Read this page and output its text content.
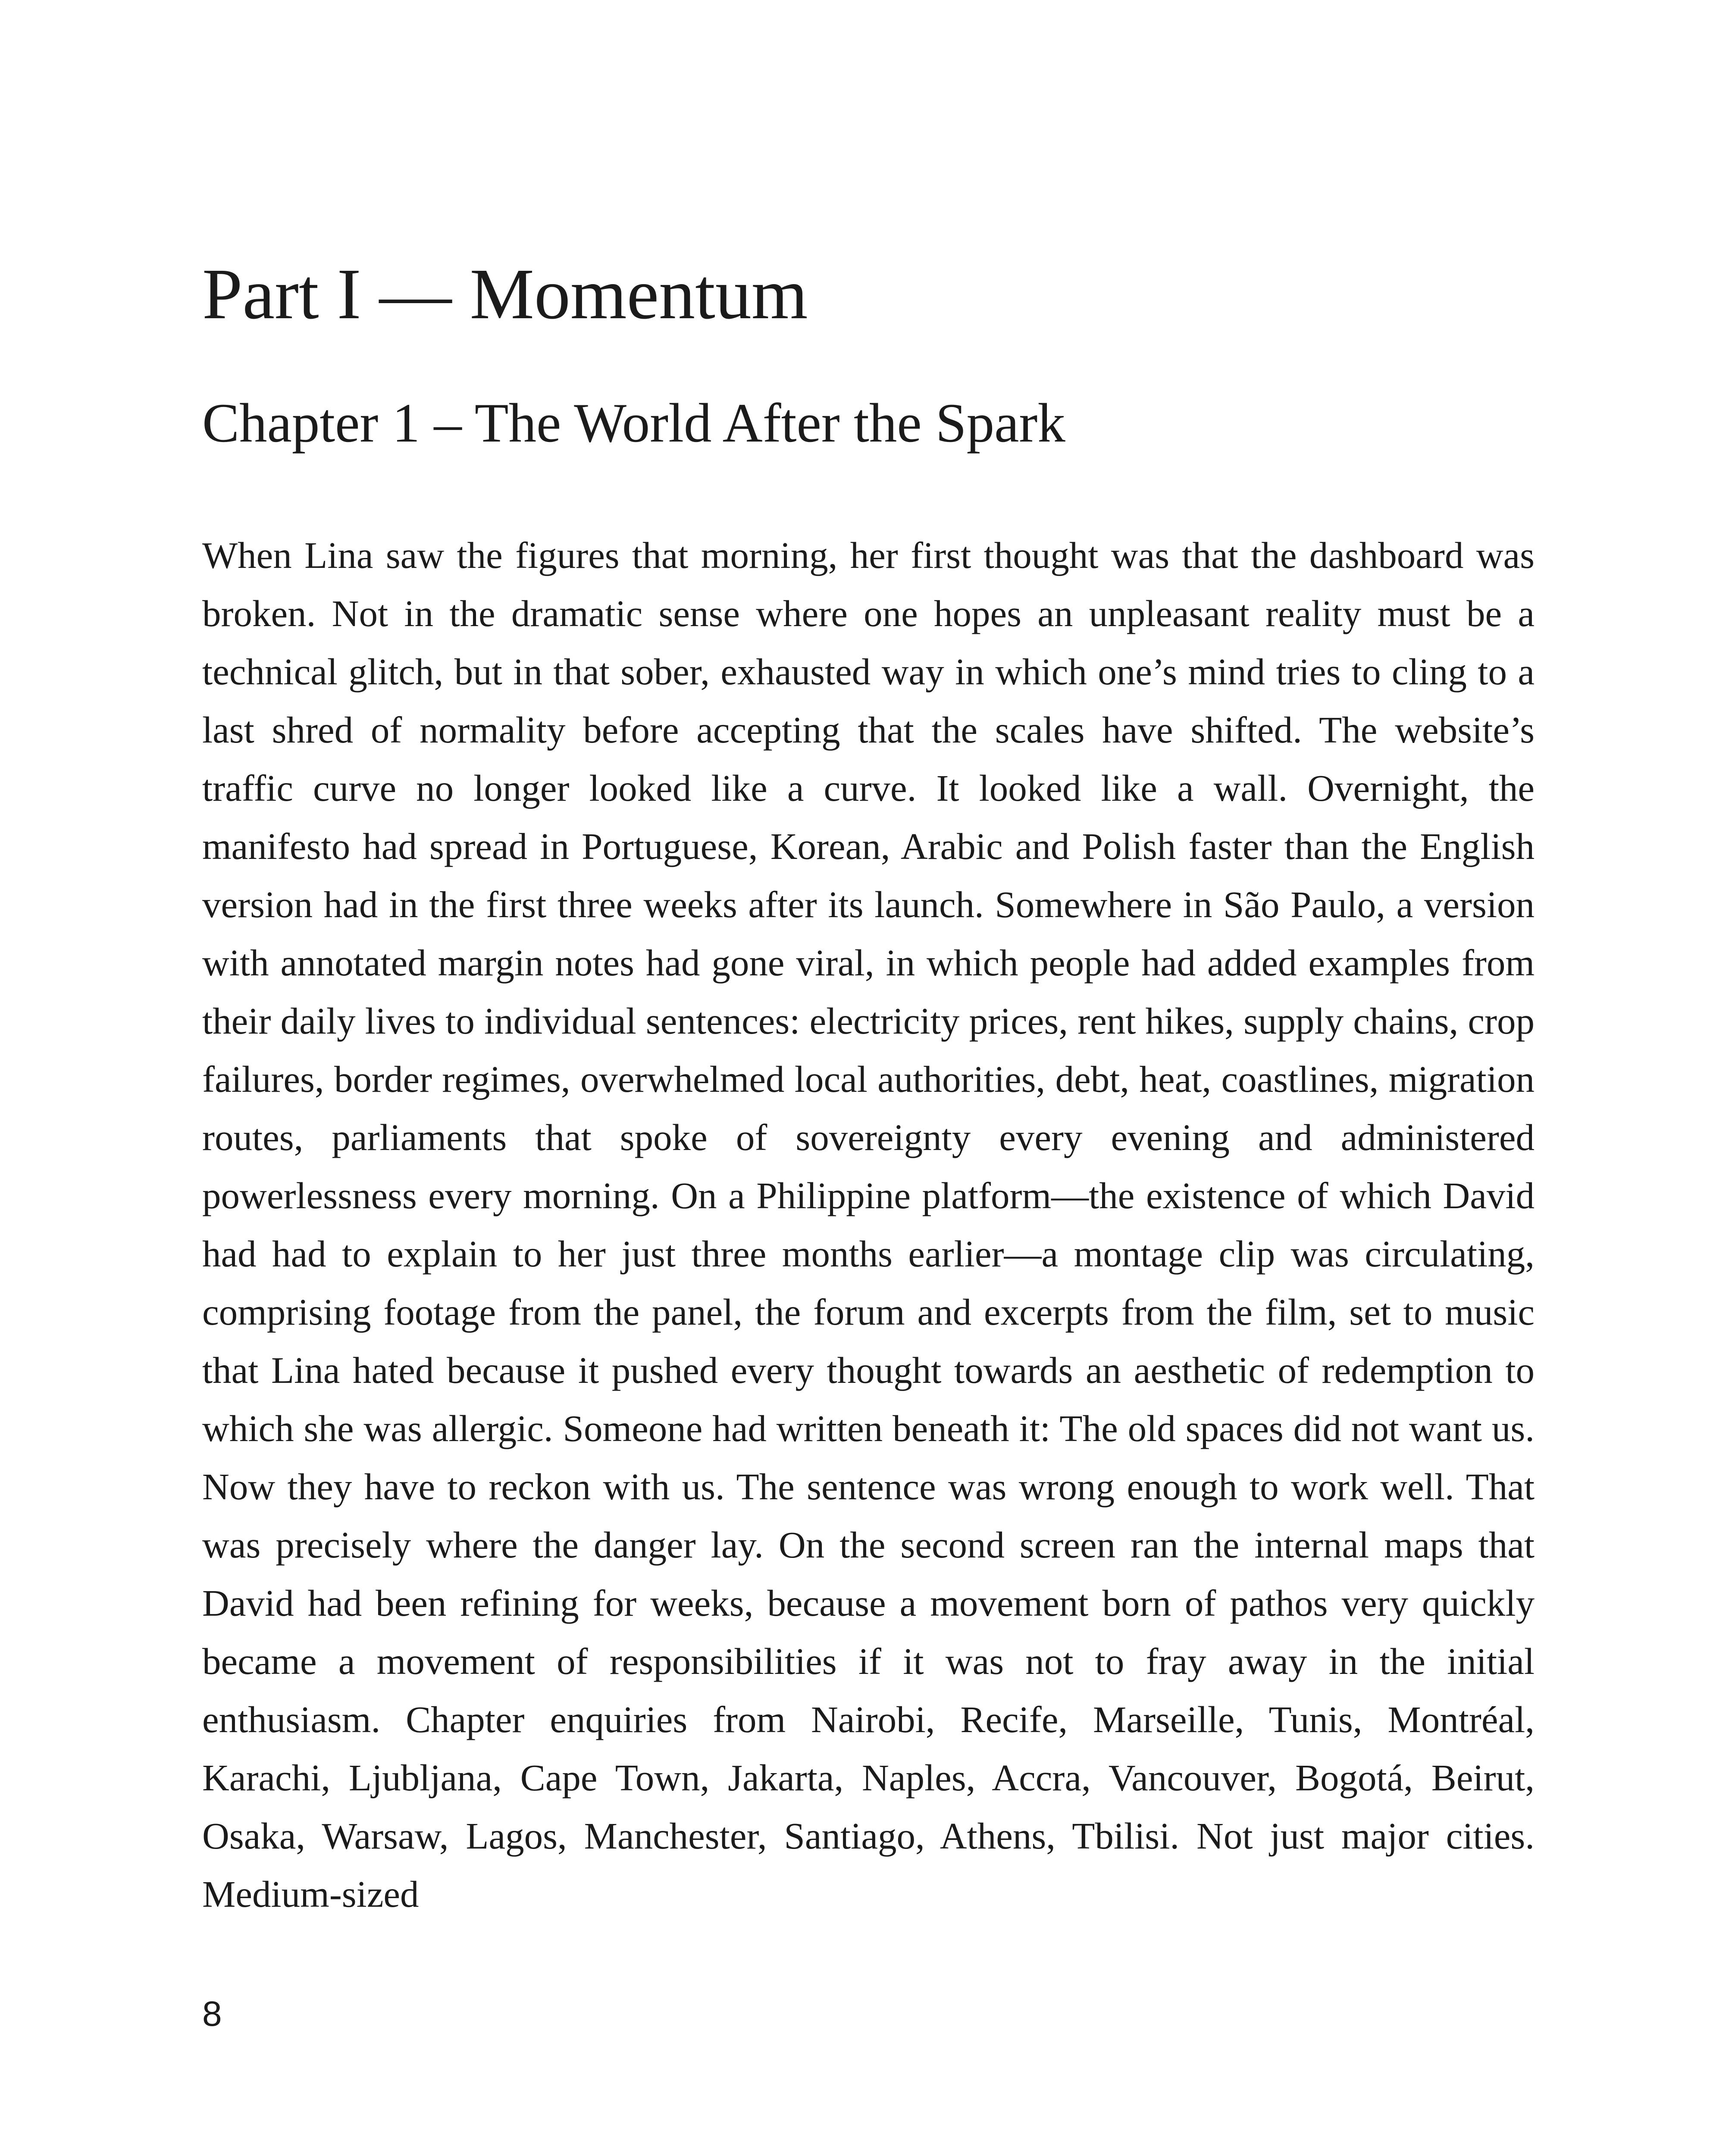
Part I — Momentum
Chapter 1 – The World After the Spark

When Lina saw the figures that morning, her first thought was that the dashboard was broken. Not in the dramatic sense where one hopes an unpleasant reality must be a technical glitch, but in that sober, exhausted way in which one’s mind tries to cling to a last shred of normality before accepting that the scales have shifted. The website’s traffic curve no longer looked like a curve. It looked like a wall. Overnight, the manifesto had spread in Portuguese, Korean, Arabic and Polish faster than the English version had in the first three weeks after its launch. Somewhere in São Paulo, a version with annotated margin notes had gone viral, in which people had added examples from their daily lives to individual sentences: electricity prices, rent hikes, supply chains, crop failures, border regimes, overwhelmed local authorities, debt, heat, coastlines, migration routes, parliaments that spoke of sovereignty every evening and administered powerlessness every morning. On a Philippine platform—the existence of which David had had to explain to her just three months earlier—a montage clip was circulating, comprising footage from the panel, the forum and excerpts from the film, set to music that Lina hated because it pushed every thought towards an aesthetic of redemption to which she was allergic. Someone had written beneath it: The old spaces did not want us. Now they have to reckon with us. The sentence was wrong enough to work well. That was precisely where the danger lay. On the second screen ran the internal maps that David had been refining for weeks, because a movement born of pathos very quickly became a movement of responsibilities if it was not to fray away in the initial enthusiasm. Chapter enquiries from Nairobi, Recife, Marseille, Tunis, Montréal, Karachi, Ljubljana, Cape Town, Jakarta, Naples, Accra, Vancouver, Bogotá, Beirut, Osaka, Warsaw, Lagos, Manchester, Santiago, Athens, Tbilisi. Not just major cities. Medium-sized

8
